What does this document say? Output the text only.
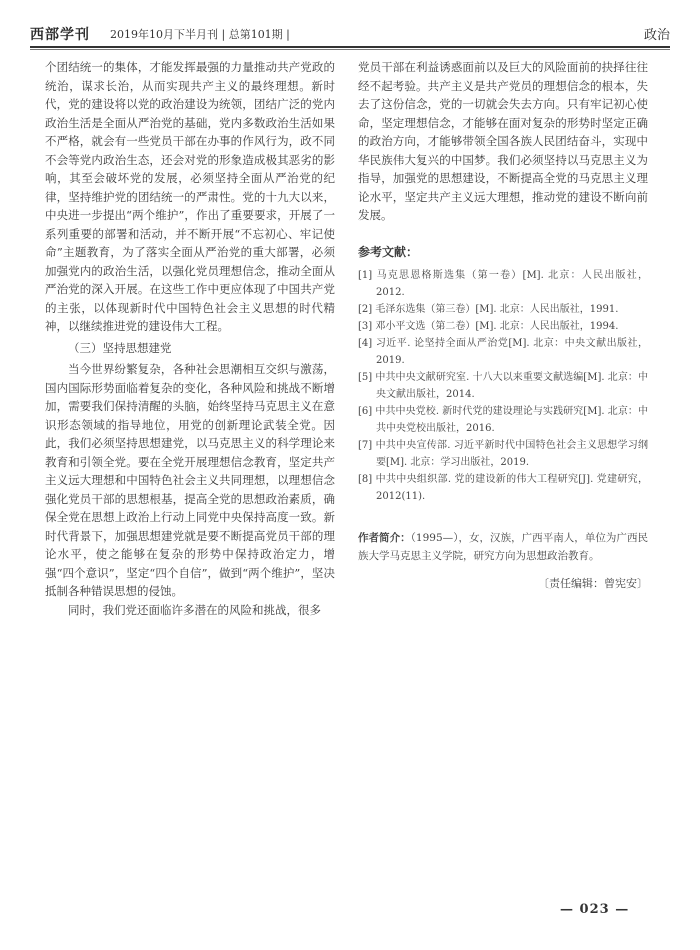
西部学刊 2019年10月下半月刊 | 总第101期 |	政治

个团结统一的集体，才能发挥最强的力量推动共产党政的统治，谋求长治，从而实现共产主义的最终理想。新时代，党的建设将以党的政治建设为统领，团结广泛的党内政治生活是全面从严治党的基础，党内多数政治生活如果不严格，就会有一些党员干部在办事的作风行为，政不同不会等党内政治生态，还会对党的形象造成极其恶劣的影响，其至会破坏党的发展，必须坚持全面从严治党的纪律，坚持维护党的团结统一的严肃性。党的十九大以来，中央进一步提出“两个维护”，作出了重要要求，开展了一系列重要的部署和活动，并不断开展“不忘初心、牢记使命”主题教育，为了落实全面从严治党的重大部署，必须加强党内的政治生活，以强化党员理想信念，推动全面从严治党的深入开展。在这些工作中更应体现了中国共产党的主张，以体现新时代中国特色社会主义思想的时代精神，以继续推进党的建设伟大工程。

（三）坚持思想建党

当今世界纷繁复杂，各种社会思潮相互交织与激荡，国内国际形势面临着复杂的变化，各种风险和挑战不断增加，需要我们保持清醒的头脑，始终坚持马克思主义在意识形态领域的指导地位，用党的创新理论武装全党。因此，我们必须坚持思想建党，以马克思主义的科学理论来教育和引领全党。要在全党开展理想信念教育，坚定共产主义远大理想和中国特色社会主义共同理想，以理想信念强化党员干部的思想根基，提高全党的思想政治素质，确保全党在思想上政治上行动上同党中央保持高度一致。新时代背景下，加强思想建党就是要不断提高党员干部的理论水平，使之能够在复杂的形势中保持政治定力，增强“四个意识”，坚定“四个自信”，做到“两个维护”，坚决抵制各种错误思想的侵蚀。

同时，我们党还面临许多潜在的风险和挑战，很多

党员干部在利益诱惑面前以及巨大的风险面前的抉择往往经不起考验。共产主义是共产党员的理想信念的根本，失去了这份信念，党的一切就会失去方向。只有牢记初心使命，坚定理想信念，才能够在面对复杂的形势时坚定正确的政治方向，才能够带领全国各族人民团结奋斗，实现中华民族伟大复兴的中国梦。我们必须坚持以马克思主义为指导，加强党的思想建设，不断提高全党的马克思主义理论水平，坚定共产主义远大理想，推动党的建设不断向前发展。

参考文献：
[1] 马克思恩格斯选集（第一卷）[M]. 北京：人民出版社，2012.
[2] 毛泽东选集（第三卷）[M]. 北京：人民出版社，1991.
[3] 邓小平文选（第二卷）[M]. 北京：人民出版社，1994.
[4] 习近平. 论坚持全面从严治党[M]. 北京：中央文献出版社，2019.
[5] 中共中央文献研究室. 十八大以来重要文献选编[M]. 北京：中央文献出版社，2014.
[6] 中共中央党校. 新时代党的建设理论与实践研究[M]. 北京：中共中央党校出版社，2016.
[7] 中共中央宣传部. 习近平新时代中国特色社会主义思想学习纲要[M]. 北京：学习出版社，2019.
[8] 中共中央组织部. 党的建设新的伟大工程研究[J]. 党建研究，2012(11).
作者简介：（1995—），女，汉族，广西平南人，单位为广西民族大学马克思主义学院，研究方向为思想政治教育。
〔责任编辑：曾宪安〕
— 023 —
